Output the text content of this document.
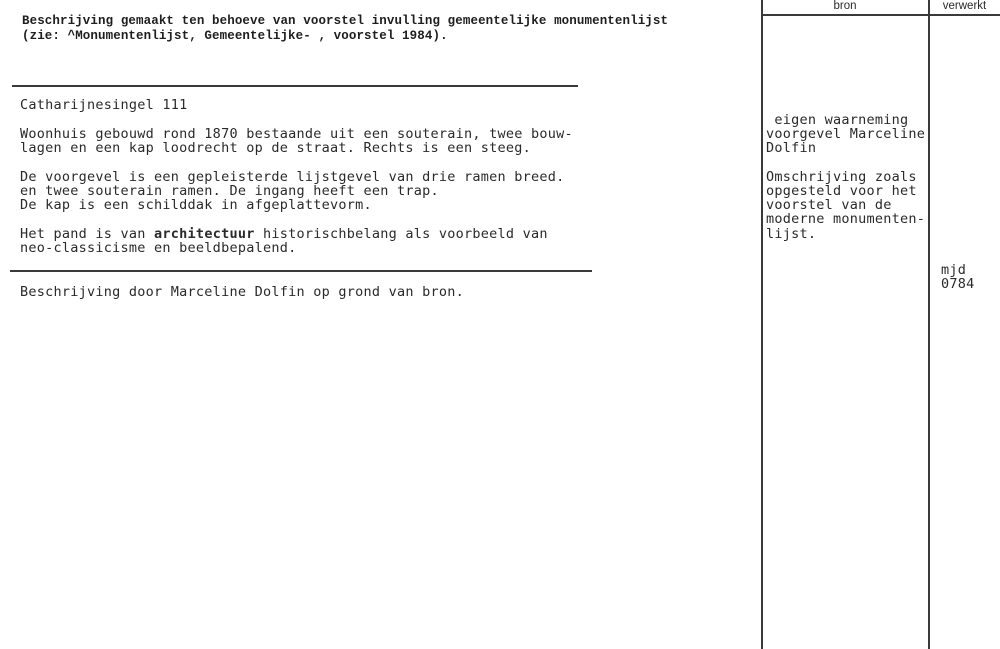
Beschrijving gemaakt ten behoeve van voorstel invulling gemeentelijke monumentenlijst
(zie: ^Monumentenlijst, Gemeentelijke- , voorstel 1984).
bron	verwerkt
Catharijnesingel 111
Woonhuis gebouwd rond 1870 bestaande uit een souterain, twee bouw-
lagen en een kap loodrecht op de straat. Rechts is een steeg.
De voorgevel is een gepleisterde lijstgevel van drie ramen breed.
en twee souterain ramen. De ingang heeft een trap.
De kap is een schilddak in afgeplattevorm.
Het pand is van architectuur historischbelang als voorbeeld van
neo-classicisme en beeldbepalend.
Beschrijving door Marceline Dolfin op grond van bron.
eigen waarneming
voorgevel Marceline
Dolfin
Omschrijving zoals
opgesteld voor het
voorstel van de
moderne monumenten-
lijst.
mjd
0784
